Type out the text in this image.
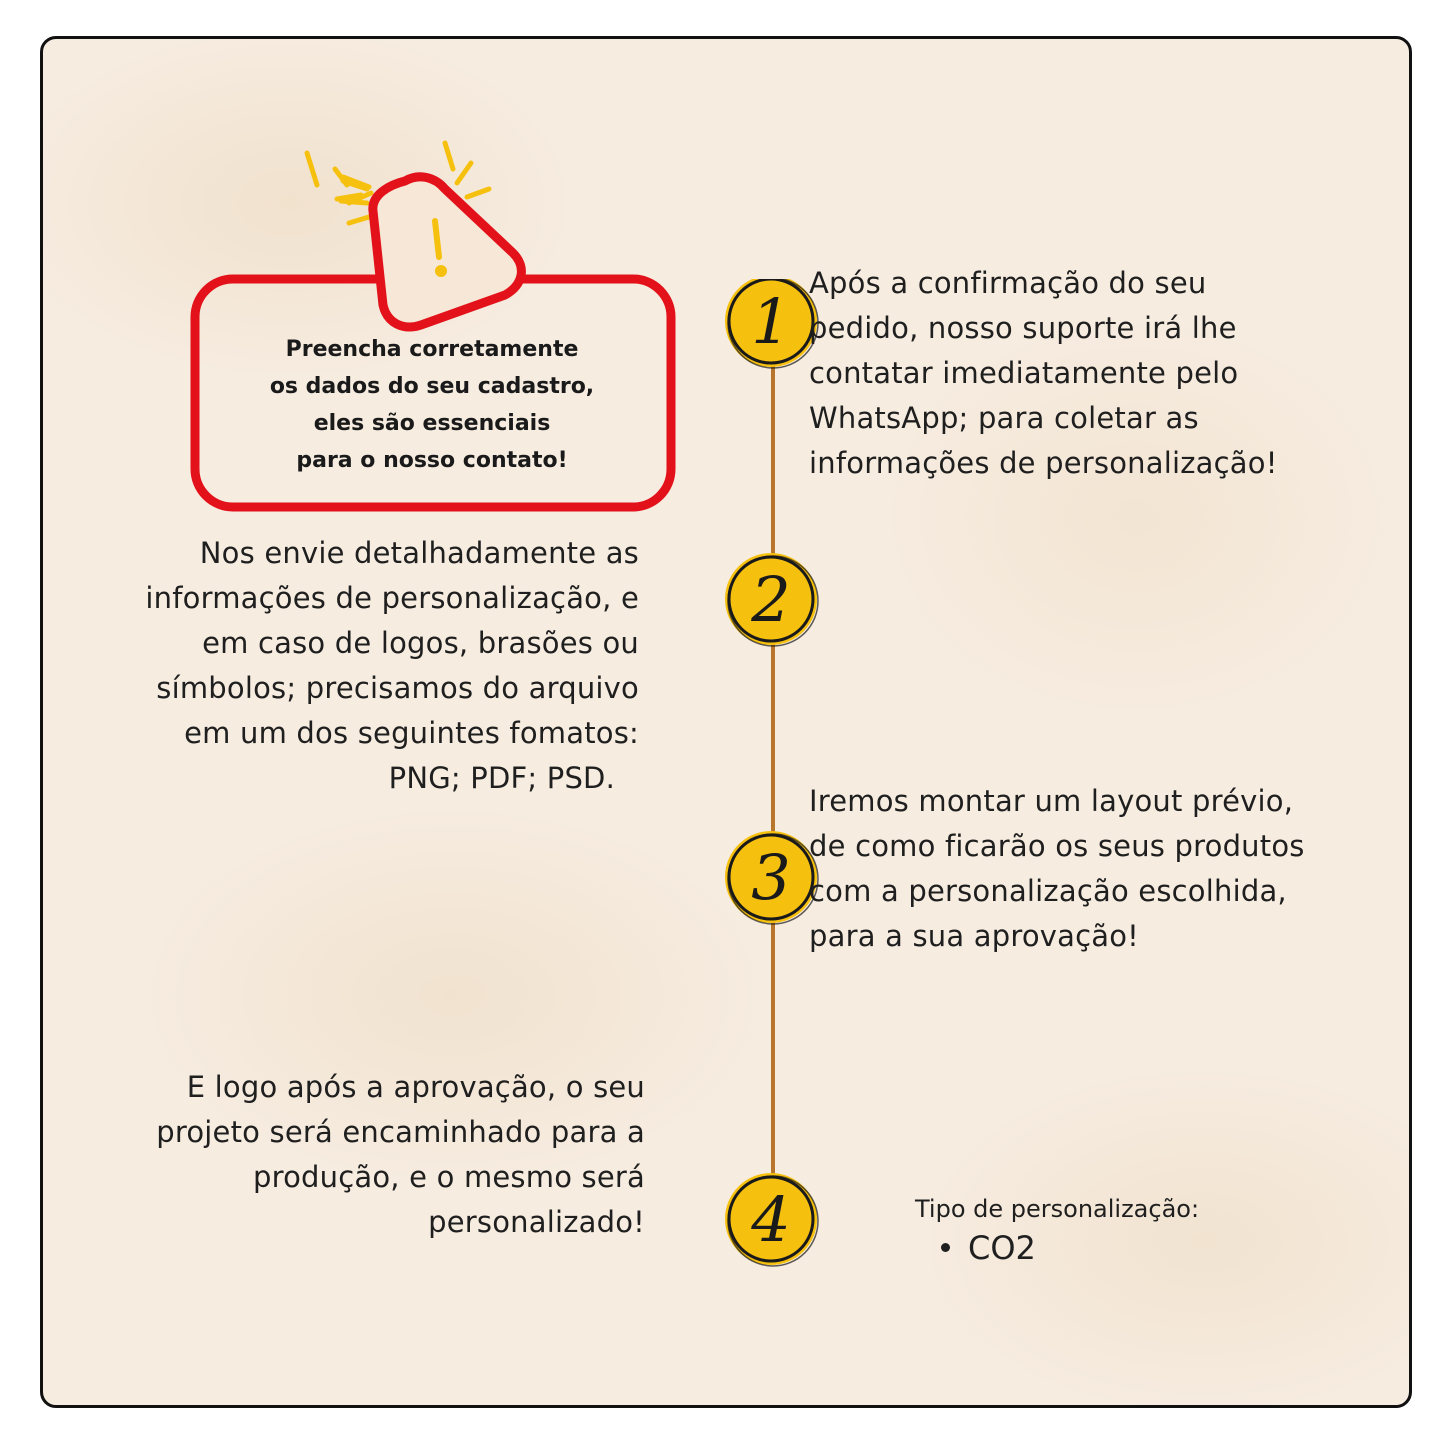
Preencha corretamente
os dados do seu cadastro,
eles são essenciais
para o nosso contato!
1
2
3
4
Após a confirmação do seu
pedido, nosso suporte irá lhe
contatar imediatamente pelo
WhatsApp; para coletar as
informações de personalização!
Nos envie detalhadamente as
informações de personalização, e
em caso de logos, brasões ou
símbolos; precisamos do arquivo
em um dos seguintes fomatos:
PNG; PDF; PSD.
Iremos montar um layout prévio,
de como ficarão os seus produtos
com a personalização escolhida,
para a sua aprovação!
E logo após a aprovação, o seu
projeto será encaminhado para a
produção, e o mesmo será
personalizado!	Tipo de personalização:
CO2
